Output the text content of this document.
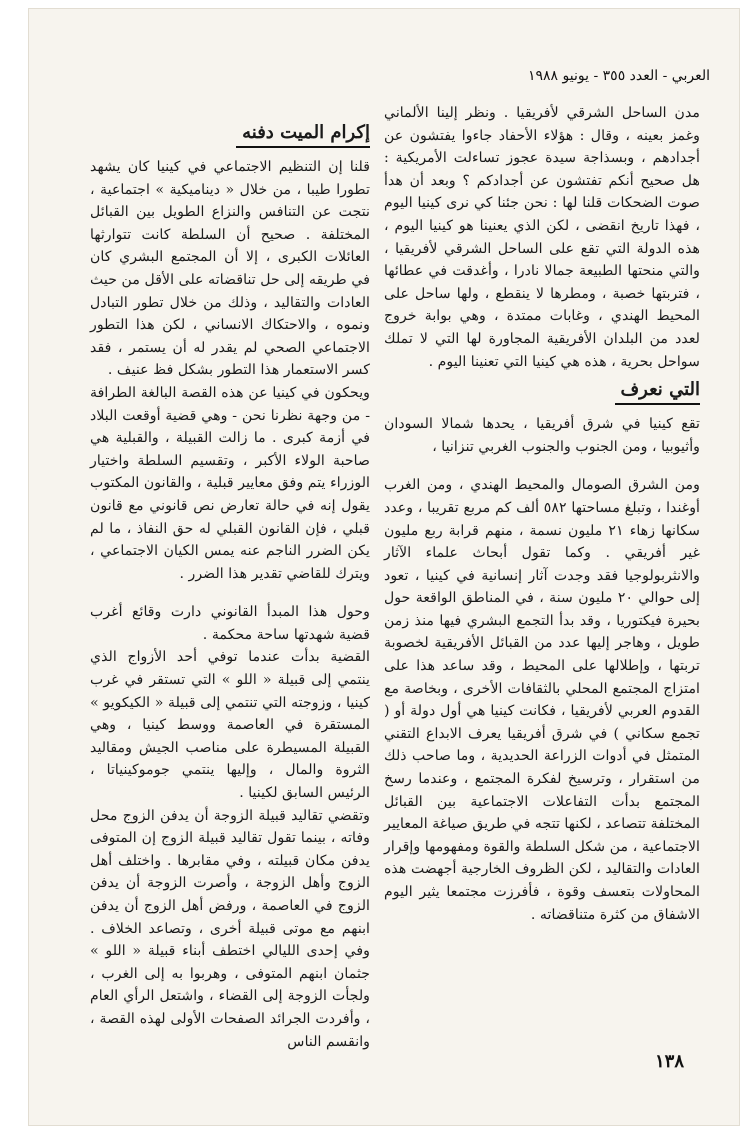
العربي - العدد ٣٥٥ - يونيو ١٩٨٨

مدن الساحل الشرقي لأفريقيا . ونظر إلينا الألماني وغمز بعينه ، وقال : هؤلاء الأحفاد جاءوا يفتشون عن أجدادهم ، وبسذاجة سيدة عجوز تساءلت الأمريكية : هل صحيح أنكم تفتشون عن أجدادكم ؟ وبعد أن هدأ صوت الضحكات قلنا لها : نحن جئنا كي نرى كينيا اليوم ، فهذا تاريخ انقضى ، لكن الذي يعنينا هو كينيا اليوم ، هذه الدولة التي تقع على الساحل الشرقي لأفريقيا ، والتي منحتها الطبيعة جمالا نادرا ، وأغدقت في عطائها ، فتربتها خصبة ، ومطرها لا ينقطع ، ولها ساحل على المحيط الهندي ، وغابات ممتدة ، وهي بوابة خروج لعدد من البلدان الأفريقية المجاورة لها التي لا تملك سواحل بحرية ، هذه هي كينيا التي تعنينا اليوم .

التي نعرف

تقع كينيا في شرق أفريقيا ، يحدها شمالا السودان وأثيوبيا ، ومن الجنوب والجنوب الغربي تنزانيا ،

ومن الشرق الصومال والمحيط الهندي ، ومن الغرب أوغندا ، وتبلغ مساحتها ٥٨٢ ألف كم مربع تقريبا ، وعدد سكانها زهاء ٢١ مليون نسمة ، منهم قرابة ربع مليون غير أفريقي . وكما تقول أبحاث علماء الآثار والانثربولوجيا فقد وجدت آثار إنسانية في كينيا ، تعود إلى حوالي ٢٠ مليون سنة ، في المناطق الواقعة حول بحيرة فيكتوريا ، وقد بدأ التجمع البشري فيها منذ زمن طويل ، وهاجر إليها عدد من القبائل الأفريقية لخصوبة تربتها ، وإطلالها على المحيط ، وقد ساعد هذا على امتزاج المجتمع المحلي بالثقافات الأخرى ، وبخاصة مع القدوم العربي لأفريقيا ، فكانت كينيا هي أول دولة أو ( تجمع سكاني ) في شرق أفريقيا يعرف الابداع التقني المتمثل في أدوات الزراعة الحديدية ، وما صاحب ذلك من استقرار ، وترسيخ لفكرة المجتمع ، وعندما رسخ المجتمع بدأت التفاعلات الاجتماعية بين القبائل المختلفة تتصاعد ، لكنها تتجه في طريق صياغة المعايير الاجتماعية ، من شكل السلطة والقوة ومفهومها وإقرار العادات والتقاليد ، لكن الظروف الخارجية أجهضت هذه المحاولات بتعسف وقوة ، فأفرزت مجتمعا يثير اليوم الاشفاق من كثرة متناقضاته .

إكرام الميت دفنه

قلنا إن التنظيم الاجتماعي في كينيا كان يشهد تطورا طيبا ، من خلال « ديناميكية » اجتماعية ، نتجت عن التنافس والنزاع الطويل بين القبائل المختلفة . صحيح أن السلطة كانت تتوارثها العائلات الكبرى ، إلا أن المجتمع البشري كان في طريقه إلى حل تناقضاته على الأقل من حيث العادات والتقاليد ، وذلك من خلال تطور التبادل ونموه ، والاحتكاك الانساني ، لكن هذا التطور الاجتماعي الصحي لم يقدر له أن يستمر ، فقد كسر الاستعمار هذا التطور بشكل فظ عنيف .

ويحكون في كينيا عن هذه القصة البالغة الطرافة - من وجهة نظرنا نحن - وهي قضية أوقعت البلاد في أزمة كبرى . ما زالت القبيلة ، والقبلية هي صاحبة الولاء الأكبر ، وتقسيم السلطة واختيار الوزراء يتم وفق معايير قبلية ، والقانون المكتوب يقول إنه في حالة تعارض نص قانوني مع قانون قبلي ، فإن القانون القبلي له حق النفاذ ، ما لم يكن الضرر الناجم عنه يمس الكيان الاجتماعي ، ويترك للقاضي تقدير هذا الضرر .

وحول هذا المبدأ القانوني دارت وقائع أغرب قضية شهدتها ساحة محكمة .

القضية بدأت عندما توفي أحد الأزواج الذي ينتمي إلى قبيلة « اللو » التي تستقر في غرب كينيا ، وزوجته التي تنتمي إلى قبيلة « الكيكويو » المستقرة في العاصمة ووسط كينيا ، وهي القبيلة المسيطرة على مناصب الجيش ومقاليد الثروة والمال ، وإليها ينتمي جوموكينياتا ، الرئيس السابق لكينيا .

وتقضي تقاليد قبيلة الزوجة أن يدفن الزوج محل وفاته ، بينما تقول تقاليد قبيلة الزوج إن المتوفى يدفن مكان قبيلته ، وفي مقابرها . واختلف أهل الزوج وأهل الزوجة ، وأصرت الزوجة أن يدفن الزوج في العاصمة ، ورفض أهل الزوج أن يدفن ابنهم مع موتى قبيلة أخرى ، وتصاعد الخلاف . وفي إحدى الليالي اختطف أبناء قبيلة « اللو » جثمان ابنهم المتوفى ، وهربوا به إلى الغرب ، ولجأت الزوجة إلى القضاء ، واشتعل الرأي العام ، وأفردت الجرائد الصفحات الأولى لهذه القصة ، وانقسم الناس

١٣٨
